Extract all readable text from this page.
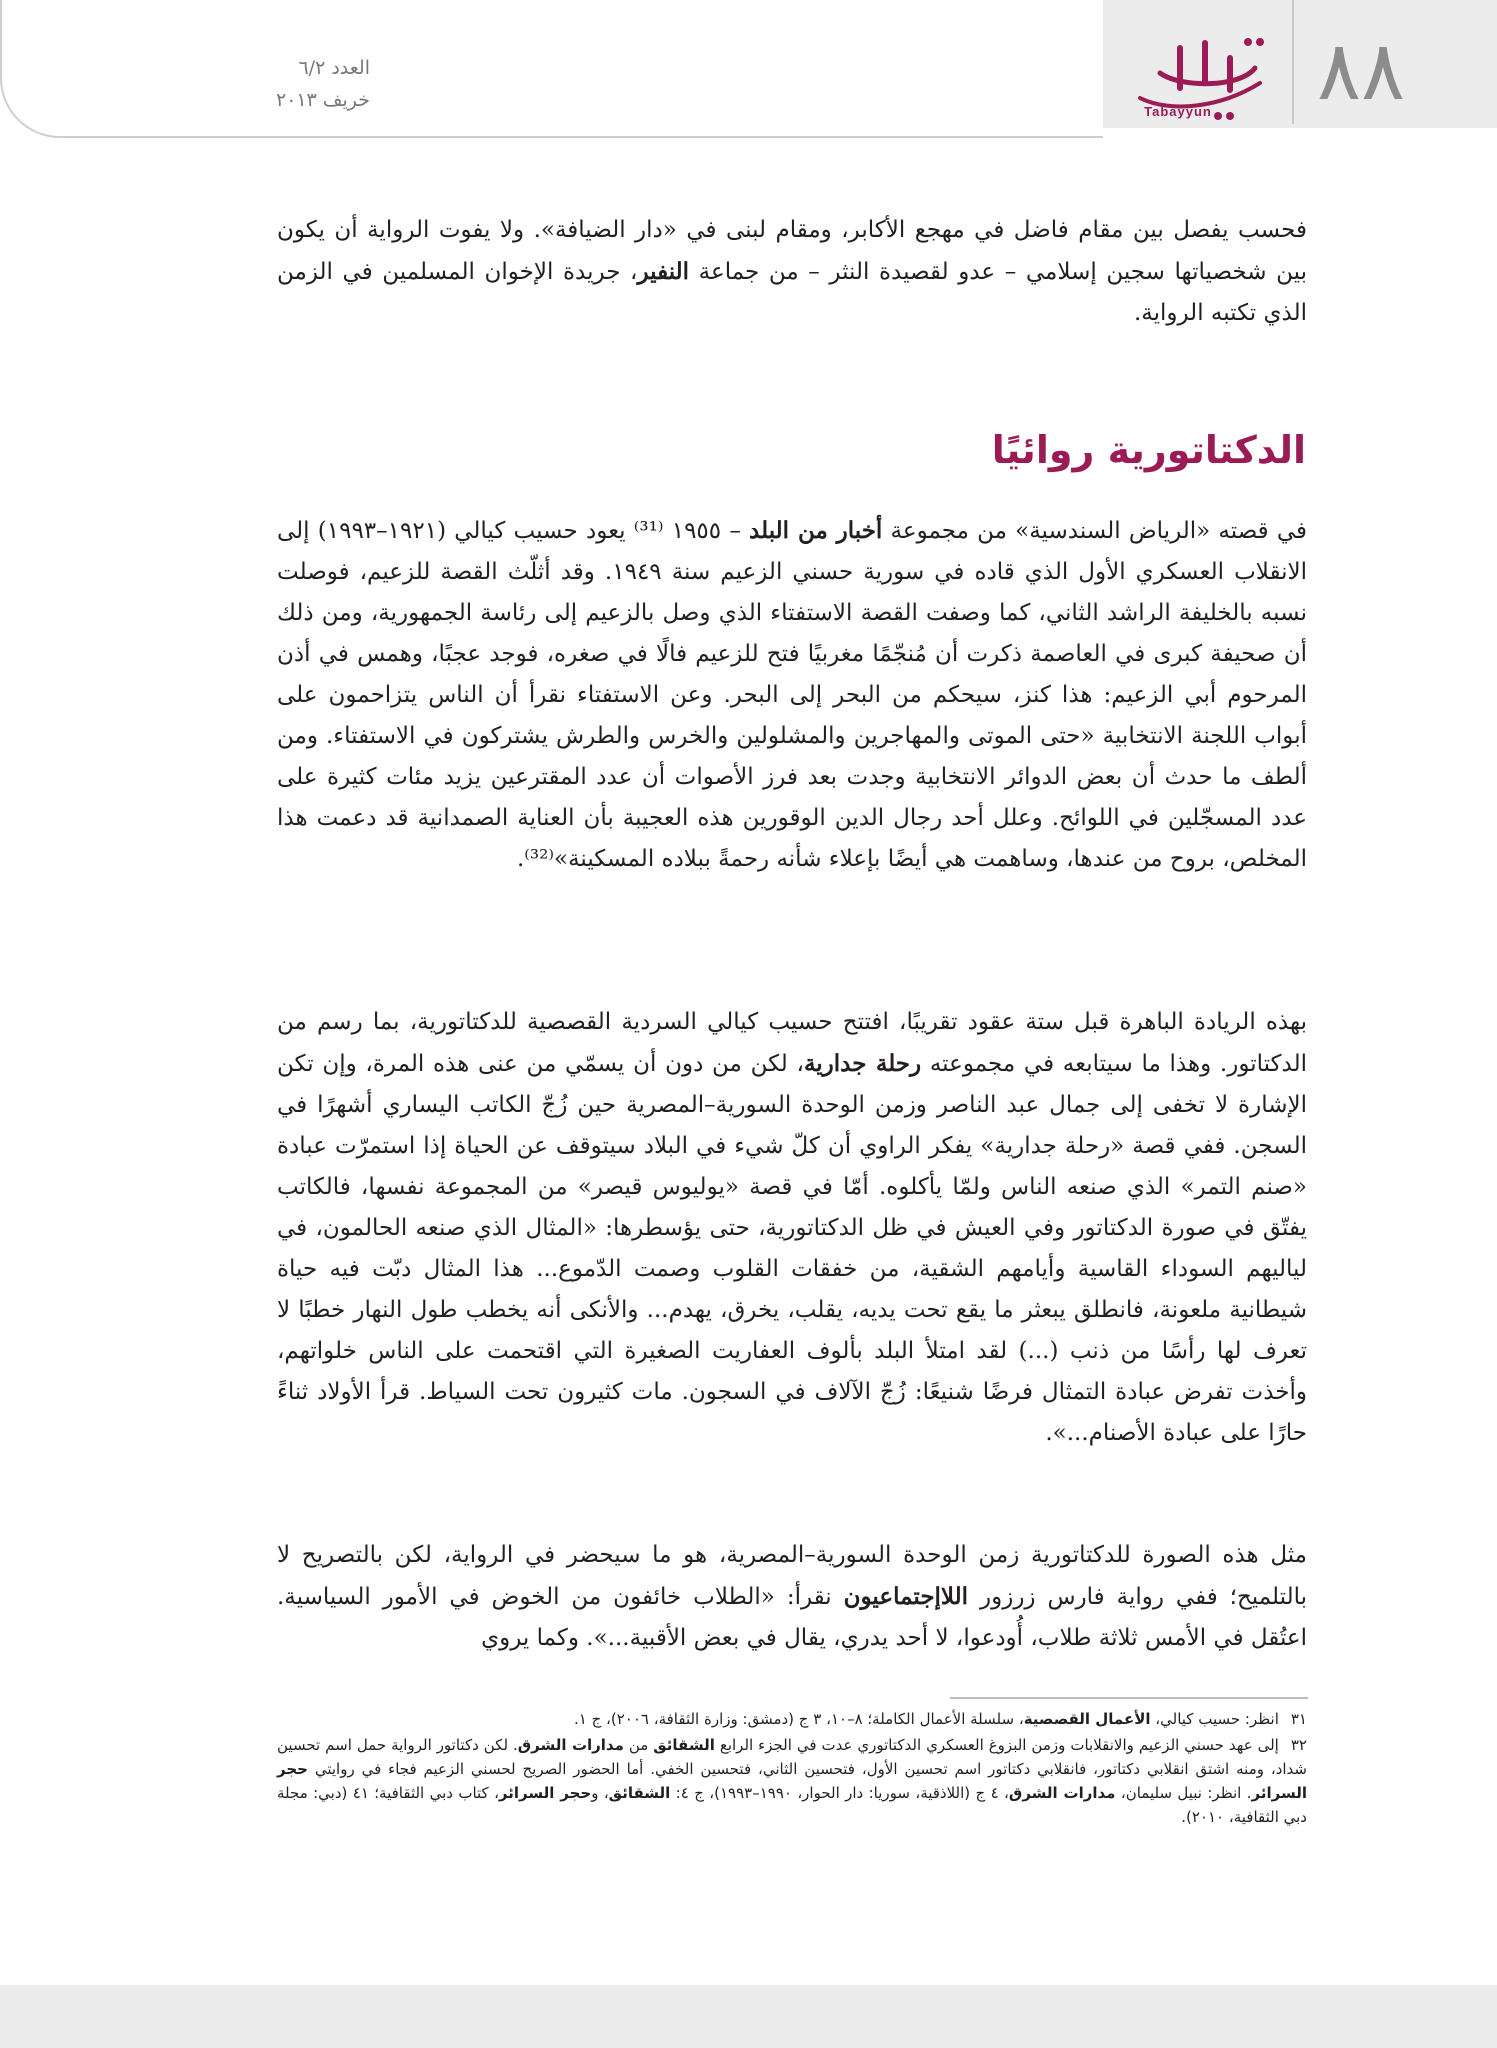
٨٨
Tabayyun
العدد ٦/٢
خريف ٢٠١٣

فحسب يفصل بين مقام فاضل في مهجع الأكابر، ومقام لبنى في «دار الضيافة». ولا يفوت الرواية أن يكون بين شخصياتها سجين إسلامي – عدو لقصيدة النثر – من جماعة النفير، جريدة الإخوان المسلمين في الزمن الذي تكتبه الرواية.

الدكتاتورية روائيًا

في قصته «الرياض السندسية» من مجموعة أخبار من البلد – ١٩٥٥ ⁽³¹⁾ يعود حسيب كيالي (١٩٢١–١٩٩٣) إلى الانقلاب العسكري الأول الذي قاده في سورية حسني الزعيم سنة ١٩٤٩. وقد أثلّث القصة للزعيم، فوصلت نسبه بالخليفة الراشد الثاني، كما وصفت القصة الاستفتاء الذي وصل بالزعيم إلى رئاسة الجمهورية، ومن ذلك أن صحيفة كبرى في العاصمة ذكرت أن مُنجّمًا مغربيًا فتح للزعيم فالًا في صغره، فوجد عجبًا، وهمس في أذن المرحوم أبي الزعيم: هذا كنز، سيحكم من البحر إلى البحر. وعن الاستفتاء نقرأ أن الناس يتزاحمون على أبواب اللجنة الانتخابية «حتى الموتى والمهاجرين والمشلولين والخرس والطرش يشتركون في الاستفتاء. ومن ألطف ما حدث أن بعض الدوائر الانتخابية وجدت بعد فرز الأصوات أن عدد المقترعين يزيد مئات كثيرة على عدد المسجّلين في اللوائح. وعلل أحد رجال الدين الوقورين هذه العجيبة بأن العناية الصمدانية قد دعمت هذا المخلص، بروح من عندها، وساهمت هي أيضًا بإعلاء شأنه رحمةً ببلاده المسكينة»⁽³²⁾.

بهذه الريادة الباهرة قبل ستة عقود تقريبًا، افتتح حسيب كيالي السردية القصصية للدكتاتورية، بما رسم من الدكتاتور. وهذا ما سيتابعه في مجموعته رحلة جدارية، لكن من دون أن يسمّي من عنى هذه المرة، وإن تكن الإشارة لا تخفى إلى جمال عبد الناصر وزمن الوحدة السورية–المصرية حين زُجّ الكاتب اليساري أشهرًا في السجن. ففي قصة «رحلة جدارية» يفكر الراوي أن كلّ شيء في البلاد سيتوقف عن الحياة إذا استمرّت عبادة «صنم التمر» الذي صنعه الناس ولمّا يأكلوه. أمّا في قصة «يوليوس قيصر» من المجموعة نفسها، فالكاتب يفتّق في صورة الدكتاتور وفي العيش في ظل الدكتاتورية، حتى يؤسطرها: «المثال الذي صنعه الحالمون، في لياليهم السوداء القاسية وأيامهم الشقية، من خفقات القلوب وصمت الدّموع... هذا المثال دبّت فيه حياة شيطانية ملعونة، فانطلق يبعثر ما يقع تحت يديه، يقلب، يخرق، يهدم... والأنكى أنه يخطب طول النهار خطبًا لا تعرف لها رأسًا من ذنب (...) لقد امتلأ البلد بألوف العفاريت الصغيرة التي اقتحمت على الناس خلواتهم، وأخذت تفرض عبادة التمثال فرضًا شنيعًا: زُجّ الآلاف في السجون. مات كثيرون تحت السياط. قرأ الأولاد ثناءً حارًا على عبادة الأصنام...».

مثل هذه الصورة للدكتاتورية زمن الوحدة السورية–المصرية، هو ما سيحضر في الرواية، لكن بالتصريح لا بالتلميح؛ ففي رواية فارس زرزور اللاإجتماعيون نقرأ: «الطلاب خائفون من الخوض في الأمور السياسية. اعتُقل في الأمس ثلاثة طلاب، أُودعوا، لا أحد يدري، يقال في بعض الأقبية...». وكما يروي

٣١انظر: حسيب كيالي، الأعمال القصصية، سلسلة الأعمال الكاملة؛ ٨–١٠، ٣ ج (دمشق: وزارة الثقافة، ٢٠٠٦)، ج ١.

٣٢إلى عهد حسني الزعيم والانقلابات وزمن البزوغ العسكري الدكتاتوري عدت في الجزء الرابع الشقائق من مدارات الشرق. لكن دكتاتور الرواية حمل اسم تحسين شداد، ومنه اشتق انقلابي دكتاتور، فانقلابي دكتاتور اسم تحسين الأول، فتحسين الثاني، فتحسين الخفي. أما الحضور الصريح لحسني الزعيم فجاء في روايتي حجر السرائر. انظر: نبيل سليمان، مدارات الشرق، ٤ ج (اللاذقية، سوريا: دار الحوار، ١٩٩٠–١٩٩٣)، ج ٤: الشقائق، وحجر السرائر، كتاب دبي الثقافية؛ ٤١ (دبي: مجلة دبي الثقافية، ٢٠١٠).
